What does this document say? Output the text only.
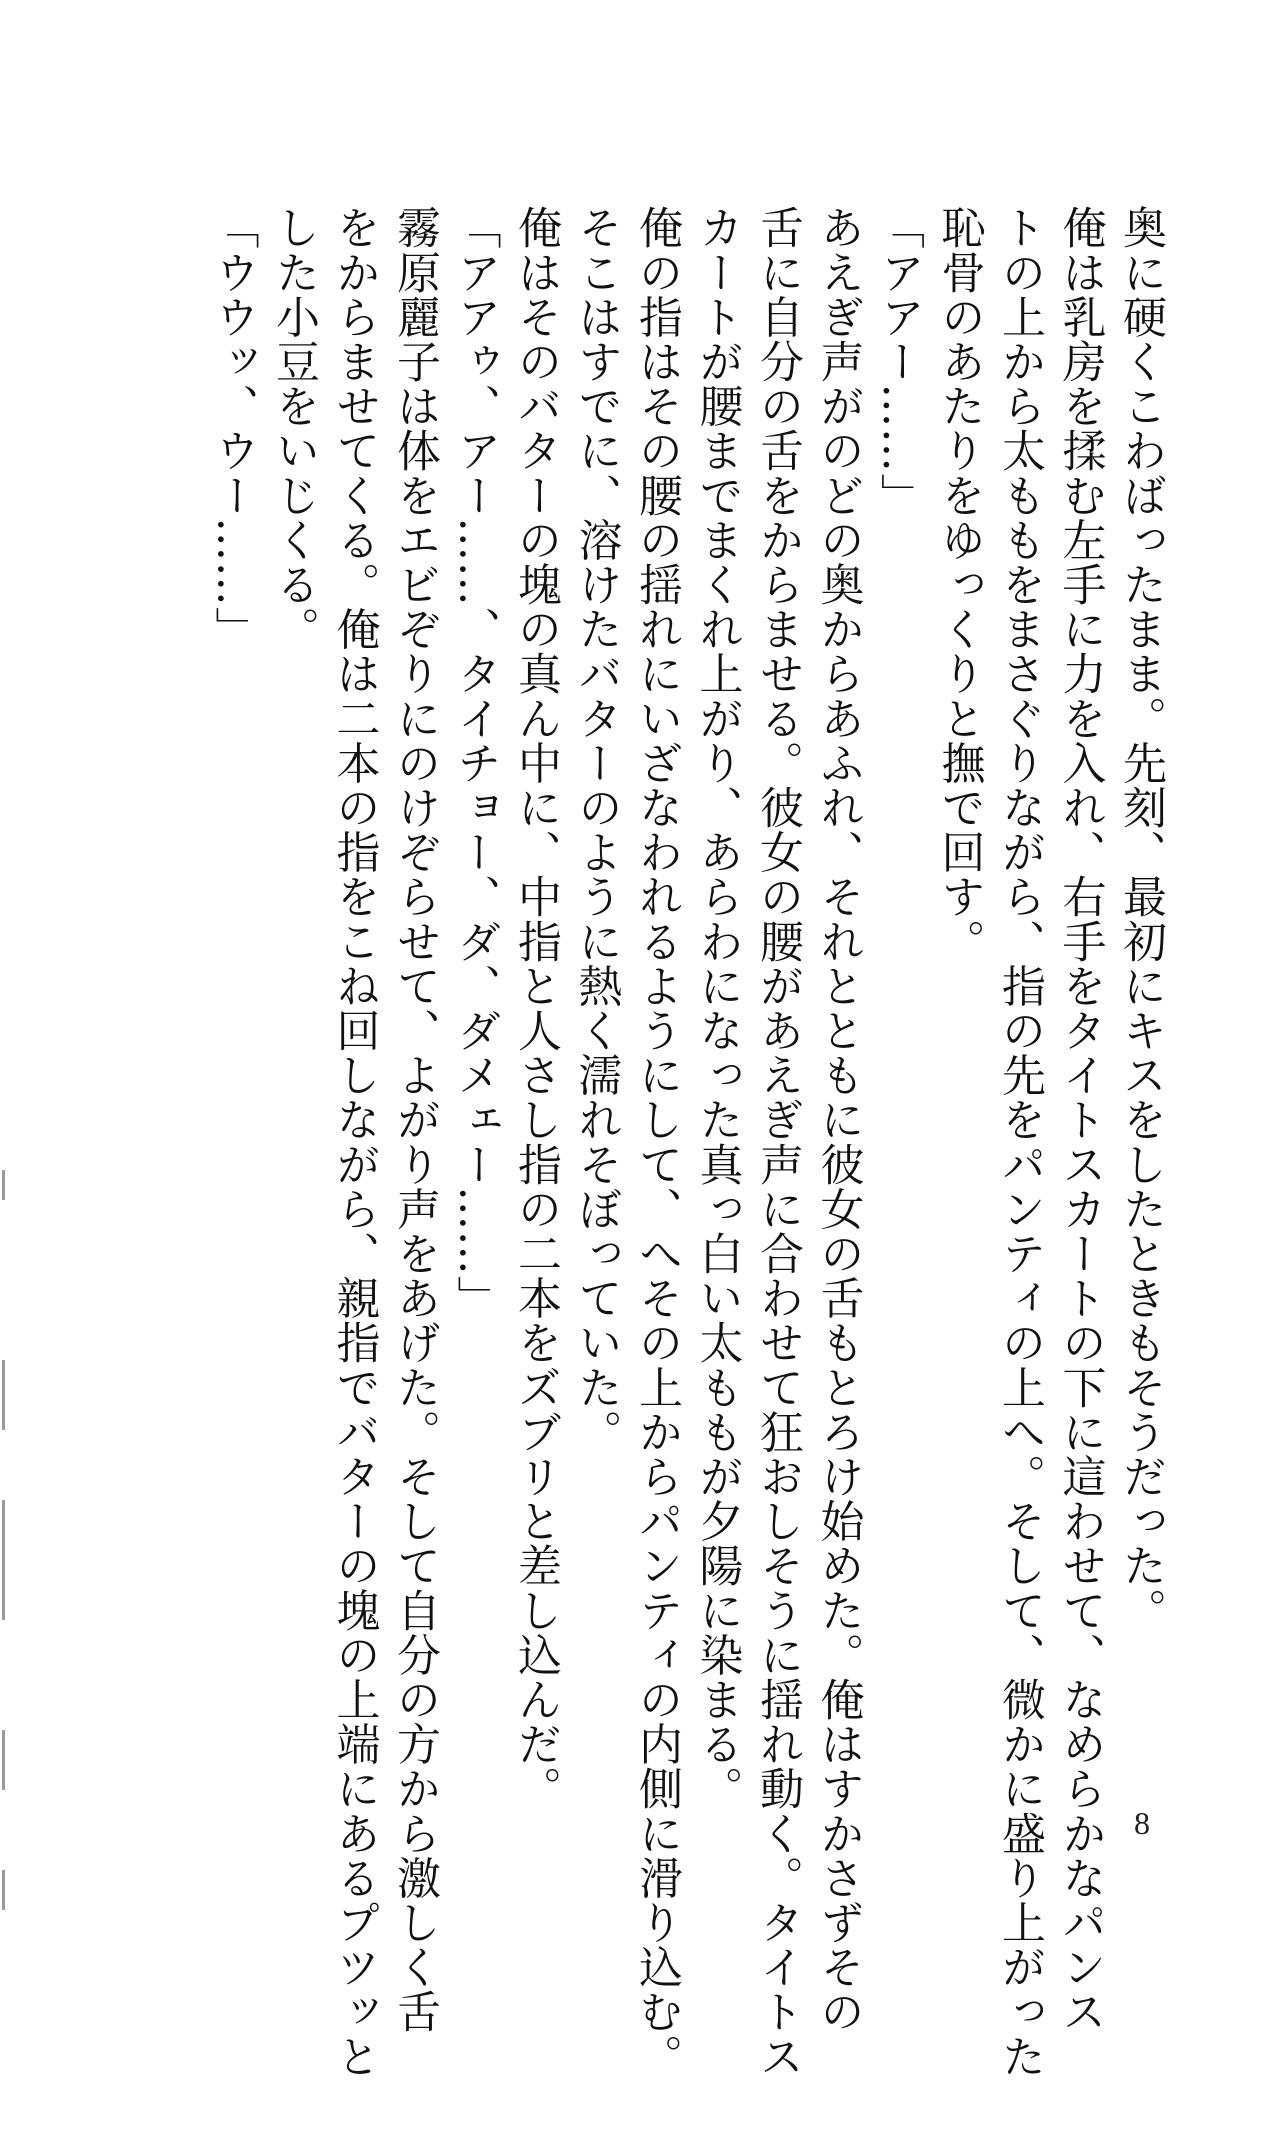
奥に硬くこわばったまま。先刻、最初にキスをしたときもそうだった。

俺は乳房を揉む左手に力を入れ、右手をタイトスカートの下に這わせて、なめらかなパンス

トの上から太ももをまさぐりながら、指の先をパンティの上へ。そして、微かに盛り上がった

恥骨のあたりをゆっくりと撫で回す。

「アアー……」

あえぎ声がのどの奥からあふれ、それとともに彼女の舌もとろけ始めた。俺はすかさずその

舌に自分の舌をからませる。彼女の腰があえぎ声に合わせて狂おしそうに揺れ動く。タイトス

カートが腰までまくれ上がり、あらわになった真っ白い太ももが夕陽に染まる。

俺の指はその腰の揺れにいざなわれるようにして、へその上からパンティの内側に滑り込む。

そこはすでに、溶けたバターのように熱く濡れそぼっていた。

俺はそのバターの塊の真ん中に、中指と人さし指の二本をズブリと差し込んだ。

「アアゥ、アー……、タイチョー、ダ、ダメェー……」

霧原麗子は体をエビぞりにのけぞらせて、よがり声をあげた。そして自分の方から激しく舌

をからませてくる。俺は二本の指をこね回しながら、親指でバターの塊の上端にあるプツッと

した小豆をいじくる。

「ウウッ、ウー……」

8
